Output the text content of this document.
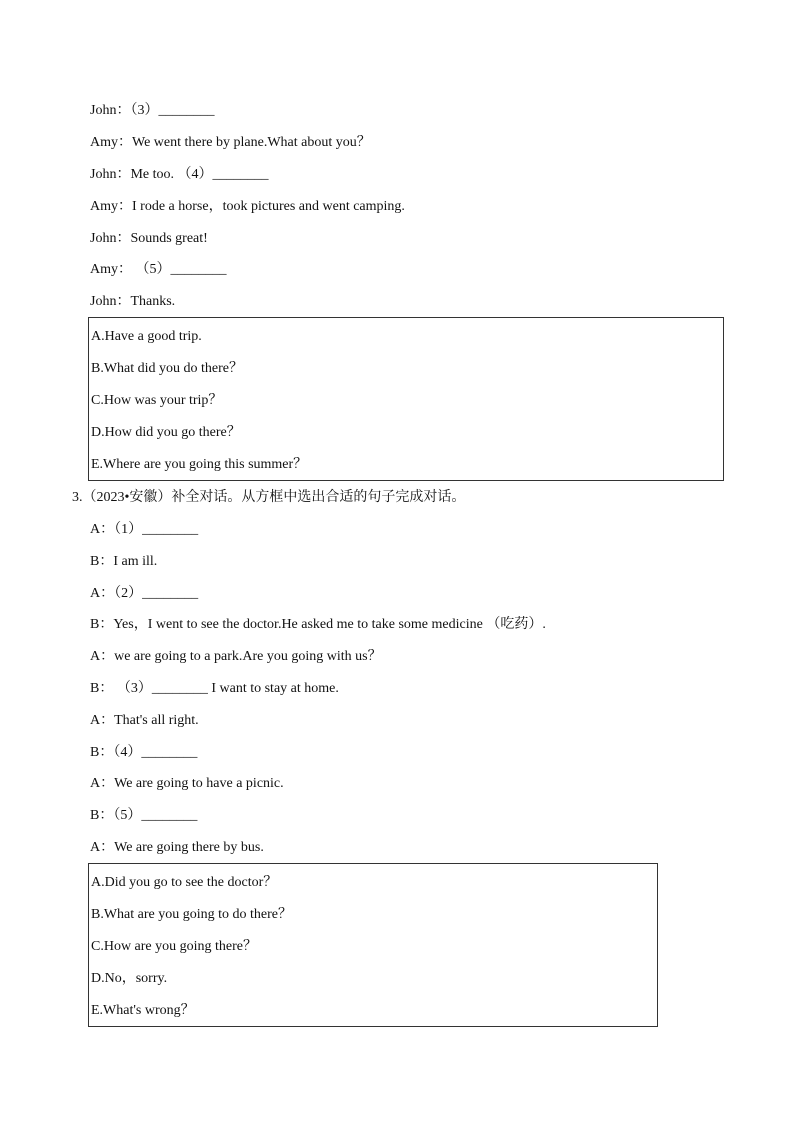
John：（3）________
Amy：We went there by plane.What about you？
John：Me too. （4）________
Amy：I rode a horse，took pictures and went camping.
John：Sounds great!
Amy： （5）________
John：Thanks.
A.Have a good trip.
B.What did you do there？
C.How was your trip？
D.How did you go there？
E.Where are you going this summer？
3.（2023•安徽）补全对话。从方框中选出合适的句子完成对话。
A：（1）________
B：I am ill.
A：（2）________
B：Yes，I went to see the doctor.He asked me to take some medicine （吃药）.
A：we are going to a park.Are you going with us？
B： （3）________ I want to stay at home.
A：That's all right.
B：（4）________
A：We are going to have a picnic.
B：（5）________
A：We are going there by bus.
A.Did you go to see the doctor？
B.What are you going to do there？
C.How are you going there？
D.No，sorry.
E.What's wrong？
